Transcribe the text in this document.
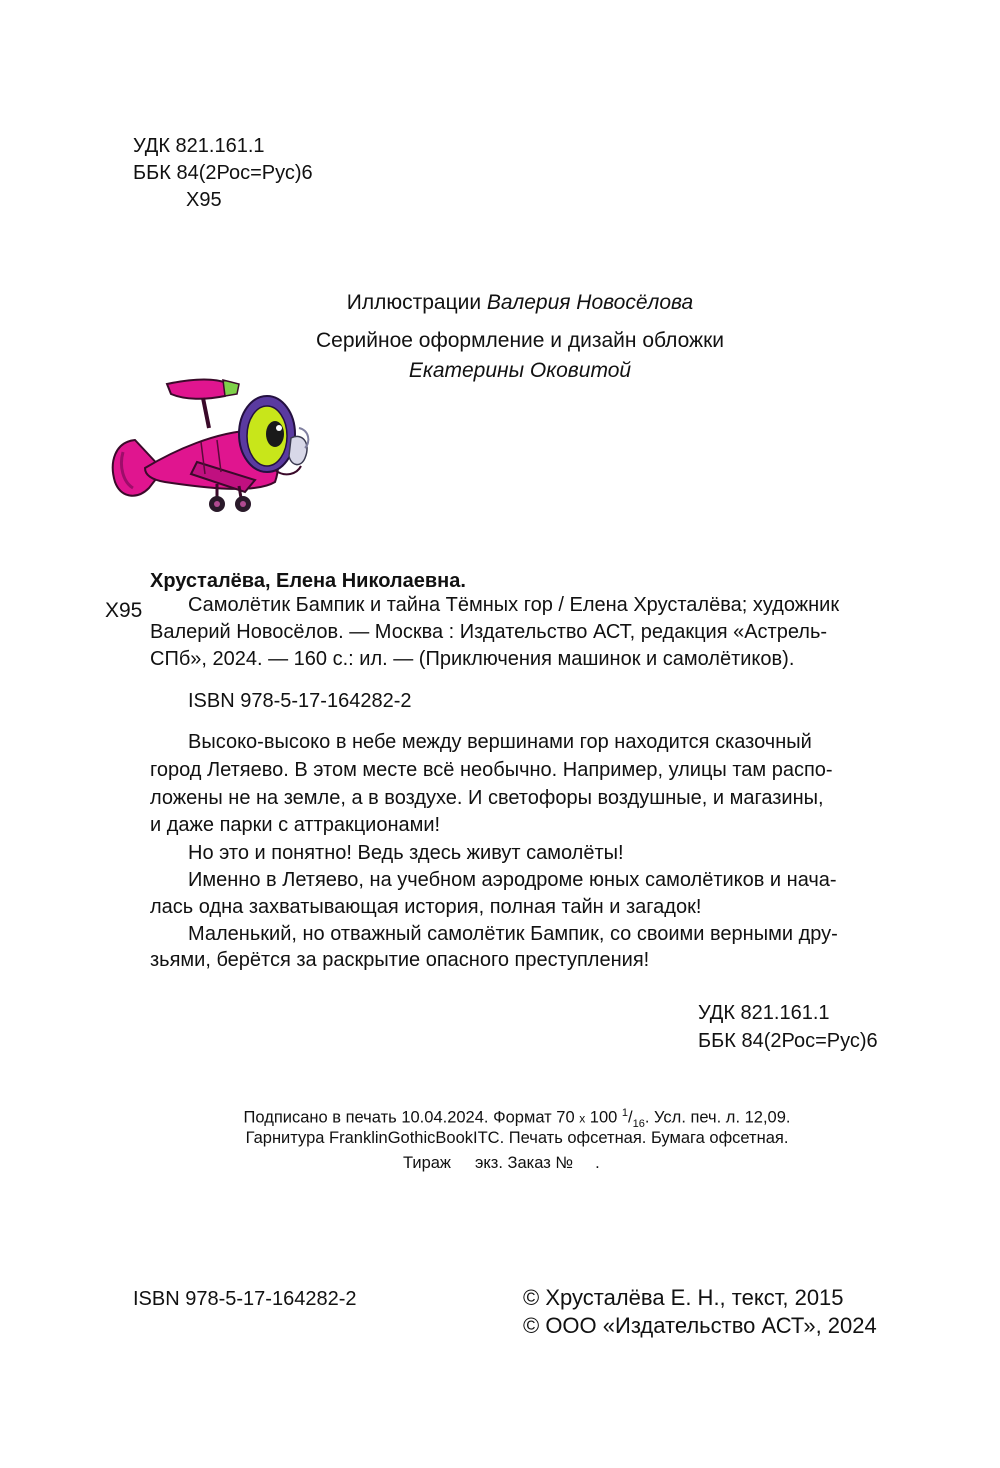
УДК 821.161.1
ББК 84(2Рос=Рус)6
Х95
Иллюстрации Валерия Новосёлова
Серийное оформление и дизайн обложки
Екатерины Оковитой
Хрусталёва, Елена Николаевна.
Х95 Самолётик Бампик и тайна Тёмных гор / Елена Хрусталёва; художник
Валерий Новосёлов. — Москва : Издательство АСТ, редакция «Астрель-
СПб», 2024. — 160 с.: ил. — (Приключения машинок и самолётиков).
ISBN 978-5-17-164282-2
Высоко-высоко в небе между вершинами гор находится сказочный
город Летяево. В этом месте всё необычно. Например, улицы там распо-
ложены не на земле, а в воздухе. И светофоры воздушные, и магазины,
и даже парки с аттракционами!
Но это и понятно! Ведь здесь живут самолёты!
Именно в Летяево, на учебном аэродроме юных самолётиков и нача-
лась одна захватывающая история, полная тайн и загадок!
Маленький, но отважный самолётик Бампик, со своими верными дру-
зьями, берётся за раскрытие опасного преступления!
УДК 821.161.1
ББК 84(2Рос=Рус)6
Подписано в печать 10.04.2024. Формат 70 x 100 $^1/_{16}$. Усл. печ. л. 12,09.
Гарнитура FranklinGothicBookITC. Печать офсетная. Бумага офсетная.
Тираж экз. Заказ № .
ISBN 978-5-17-164282-2	© Хрусталёва Е. Н., текст, 2015
© ООО «Издательство АСТ», 2024
